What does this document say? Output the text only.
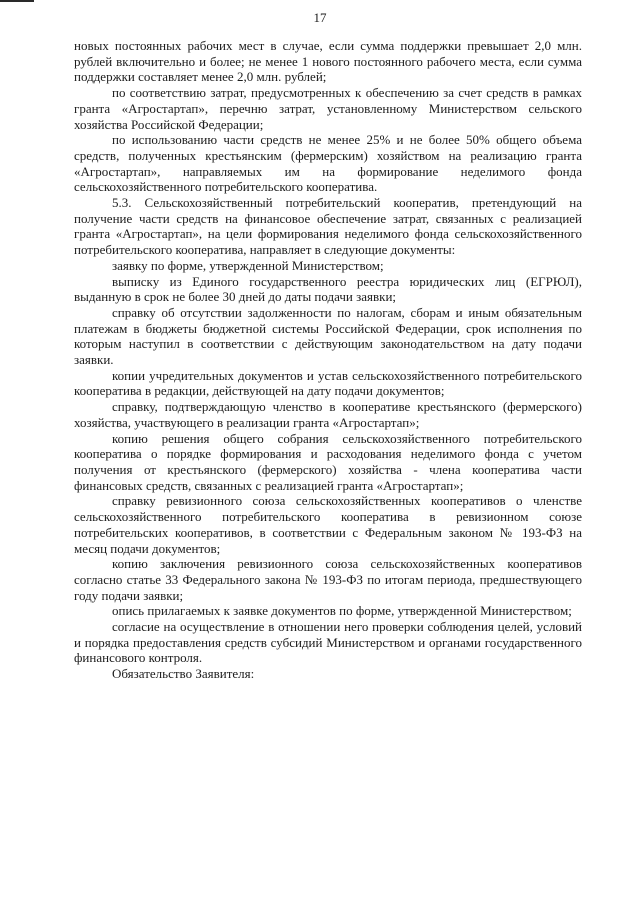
17

новых постоянных рабочих мест в случае, если сумма поддержки превышает 2,0 млн. рублей включительно и более; не менее 1 нового постоянного рабочего места, если сумма поддержки составляет менее 2,0 млн. рублей;

по соответствию затрат, предусмотренных к обеспечению за счет средств в рамках гранта «Агростартап», перечню затрат, установленному Министерством сельского хозяйства Российской Федерации;

по использованию части средств не менее 25% и не более 50% общего объема средств, полученных крестьянским (фермерским) хозяйством на реализацию гранта «Агростартап», направляемых им на формирование неделимого фонда сельскохозяйственного потребительского кооператива.

5.3. Сельскохозяйственный потребительский кооператив, претендующий на получение части средств на финансовое обеспечение затрат, связанных с реализацией гранта «Агростартап», на цели формирования неделимого фонда сельскохозяйственного потребительского кооператива, направляет в следующие документы:

заявку по форме, утвержденной Министерством;

выписку из Единого государственного реестра юридических лиц (ЕГРЮЛ), выданную в срок не более 30 дней до даты подачи заявки;

справку об отсутствии задолженности по налогам, сборам и иным обязательным платежам в бюджеты бюджетной системы Российской Федерации, срок исполнения по которым наступил в соответствии с действующим законодательством на дату подачи заявки.

копии учредительных документов и устав сельскохозяйственного потребительского кооператива в редакции, действующей на дату подачи документов;

справку, подтверждающую членство в кооперативе крестьянского (фермерского) хозяйства, участвующего в реализации гранта «Агростартап»;

копию решения общего собрания сельскохозяйственного потребительского кооператива о порядке формирования и расходования неделимого фонда с учетом получения от крестьянского (фермерского) хозяйства - члена кооператива части финансовых средств, связанных с реализацией гранта «Агростартап»;

справку ревизионного союза сельскохозяйственных кооперативов о членстве сельскохозяйственного потребительского кооператива в ревизионном союзе потребительских кооперативов, в соответствии с Федеральным законом № 193-ФЗ на месяц подачи документов;

копию заключения ревизионного союза сельскохозяйственных кооперативов согласно статье 33 Федерального закона № 193-ФЗ по итогам периода, предшествующего году подачи заявки;

опись прилагаемых к заявке документов по форме, утвержденной Министерством;

согласие на осуществление в отношении него проверки соблюдения целей, условий и порядка предоставления средств субсидий Министерством и органами государственного финансового контроля.

Обязательство Заявителя:
